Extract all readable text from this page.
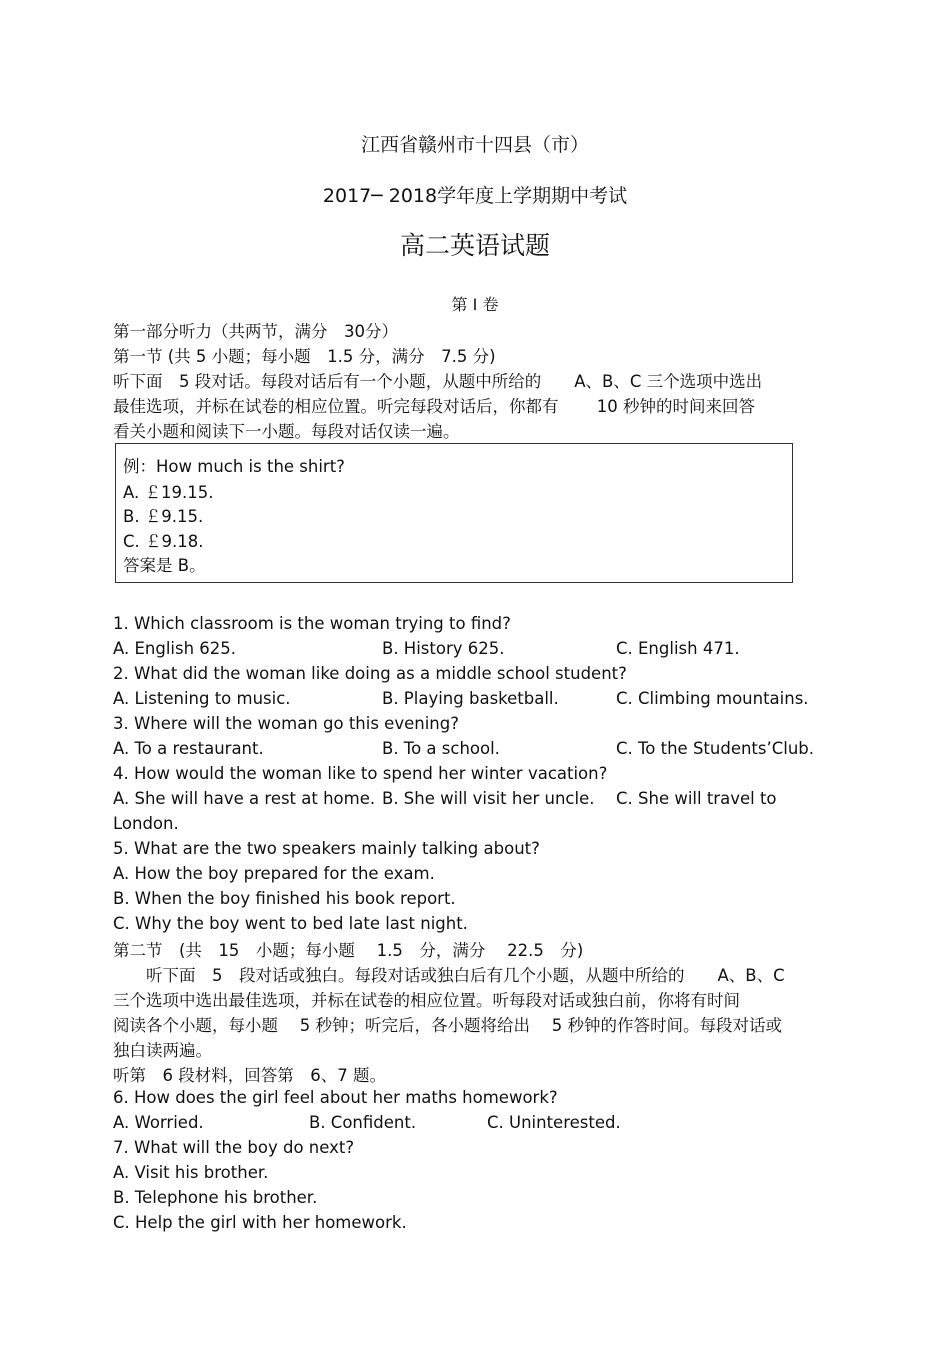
江西省赣州市十四县（市）
2017─ 2018学年度上学期期中考试
高二英语试题
第 I 卷
第一部分听力（共两节，满分　30分）
第一节 (共 5 小题；每小题　1.5 分，满分　7.5 分)
听下面　5 段对话。每段对话后有一个小题，从题中所给的　　A、B、C 三个选项中选出
最佳选项，并标在试卷的相应位置。听完每段对话后，你都有　　 10 秒钟的时间来回答
看关小题和阅读下一小题。每段对话仅读一遍。
例：How much is the shirt?
A. ￡19.15.
B. ￡9.15.
C. ￡9.18.
答案是 B。
1. Which classroom is the woman trying to find?
A. English 625.	B. History 625.	C. English 471.
2. What did the woman like doing as a middle school student?
A. Listening to music.	B. Playing basketball.	C. Climbing mountains.
3. Where will the woman go this evening?
A. To a restaurant.	B. To a school.	C. To the Students’Club.
4. How would the woman like to spend her winter vacation?
A. She will have a rest at home. B. She will visit her uncle. C. She will travel to
London.
5. What are the two speakers mainly talking about?
A. How the boy prepared for the exam.
B. When the boy finished his book report.
C. Why the boy went to bed late last night.
第二节　(共　15　小题；每小题　 1.5　分，满分　 22.5　分)
　　听下面　5　段对话或独白。每段对话或独白后有几个小题，从题中所给的　　A、B、C
三个选项中选出最佳选项，并标在试卷的相应位置。听每段对话或独白前，你将有时间
阅读各个小题，每小题　 5 秒钟；听完后，各小题将给出　 5 秒钟的作答时间。每段对话或
独白读两遍。
听第　6 段材料，回答第　6、7 题。
6. How does the girl feel about her maths homework?
A. Worried.	B. Confident.	C. Uninterested.
7. What will the boy do next?
A. Visit his brother.
B. Telephone his brother.
C. Help the girl with her homework.
